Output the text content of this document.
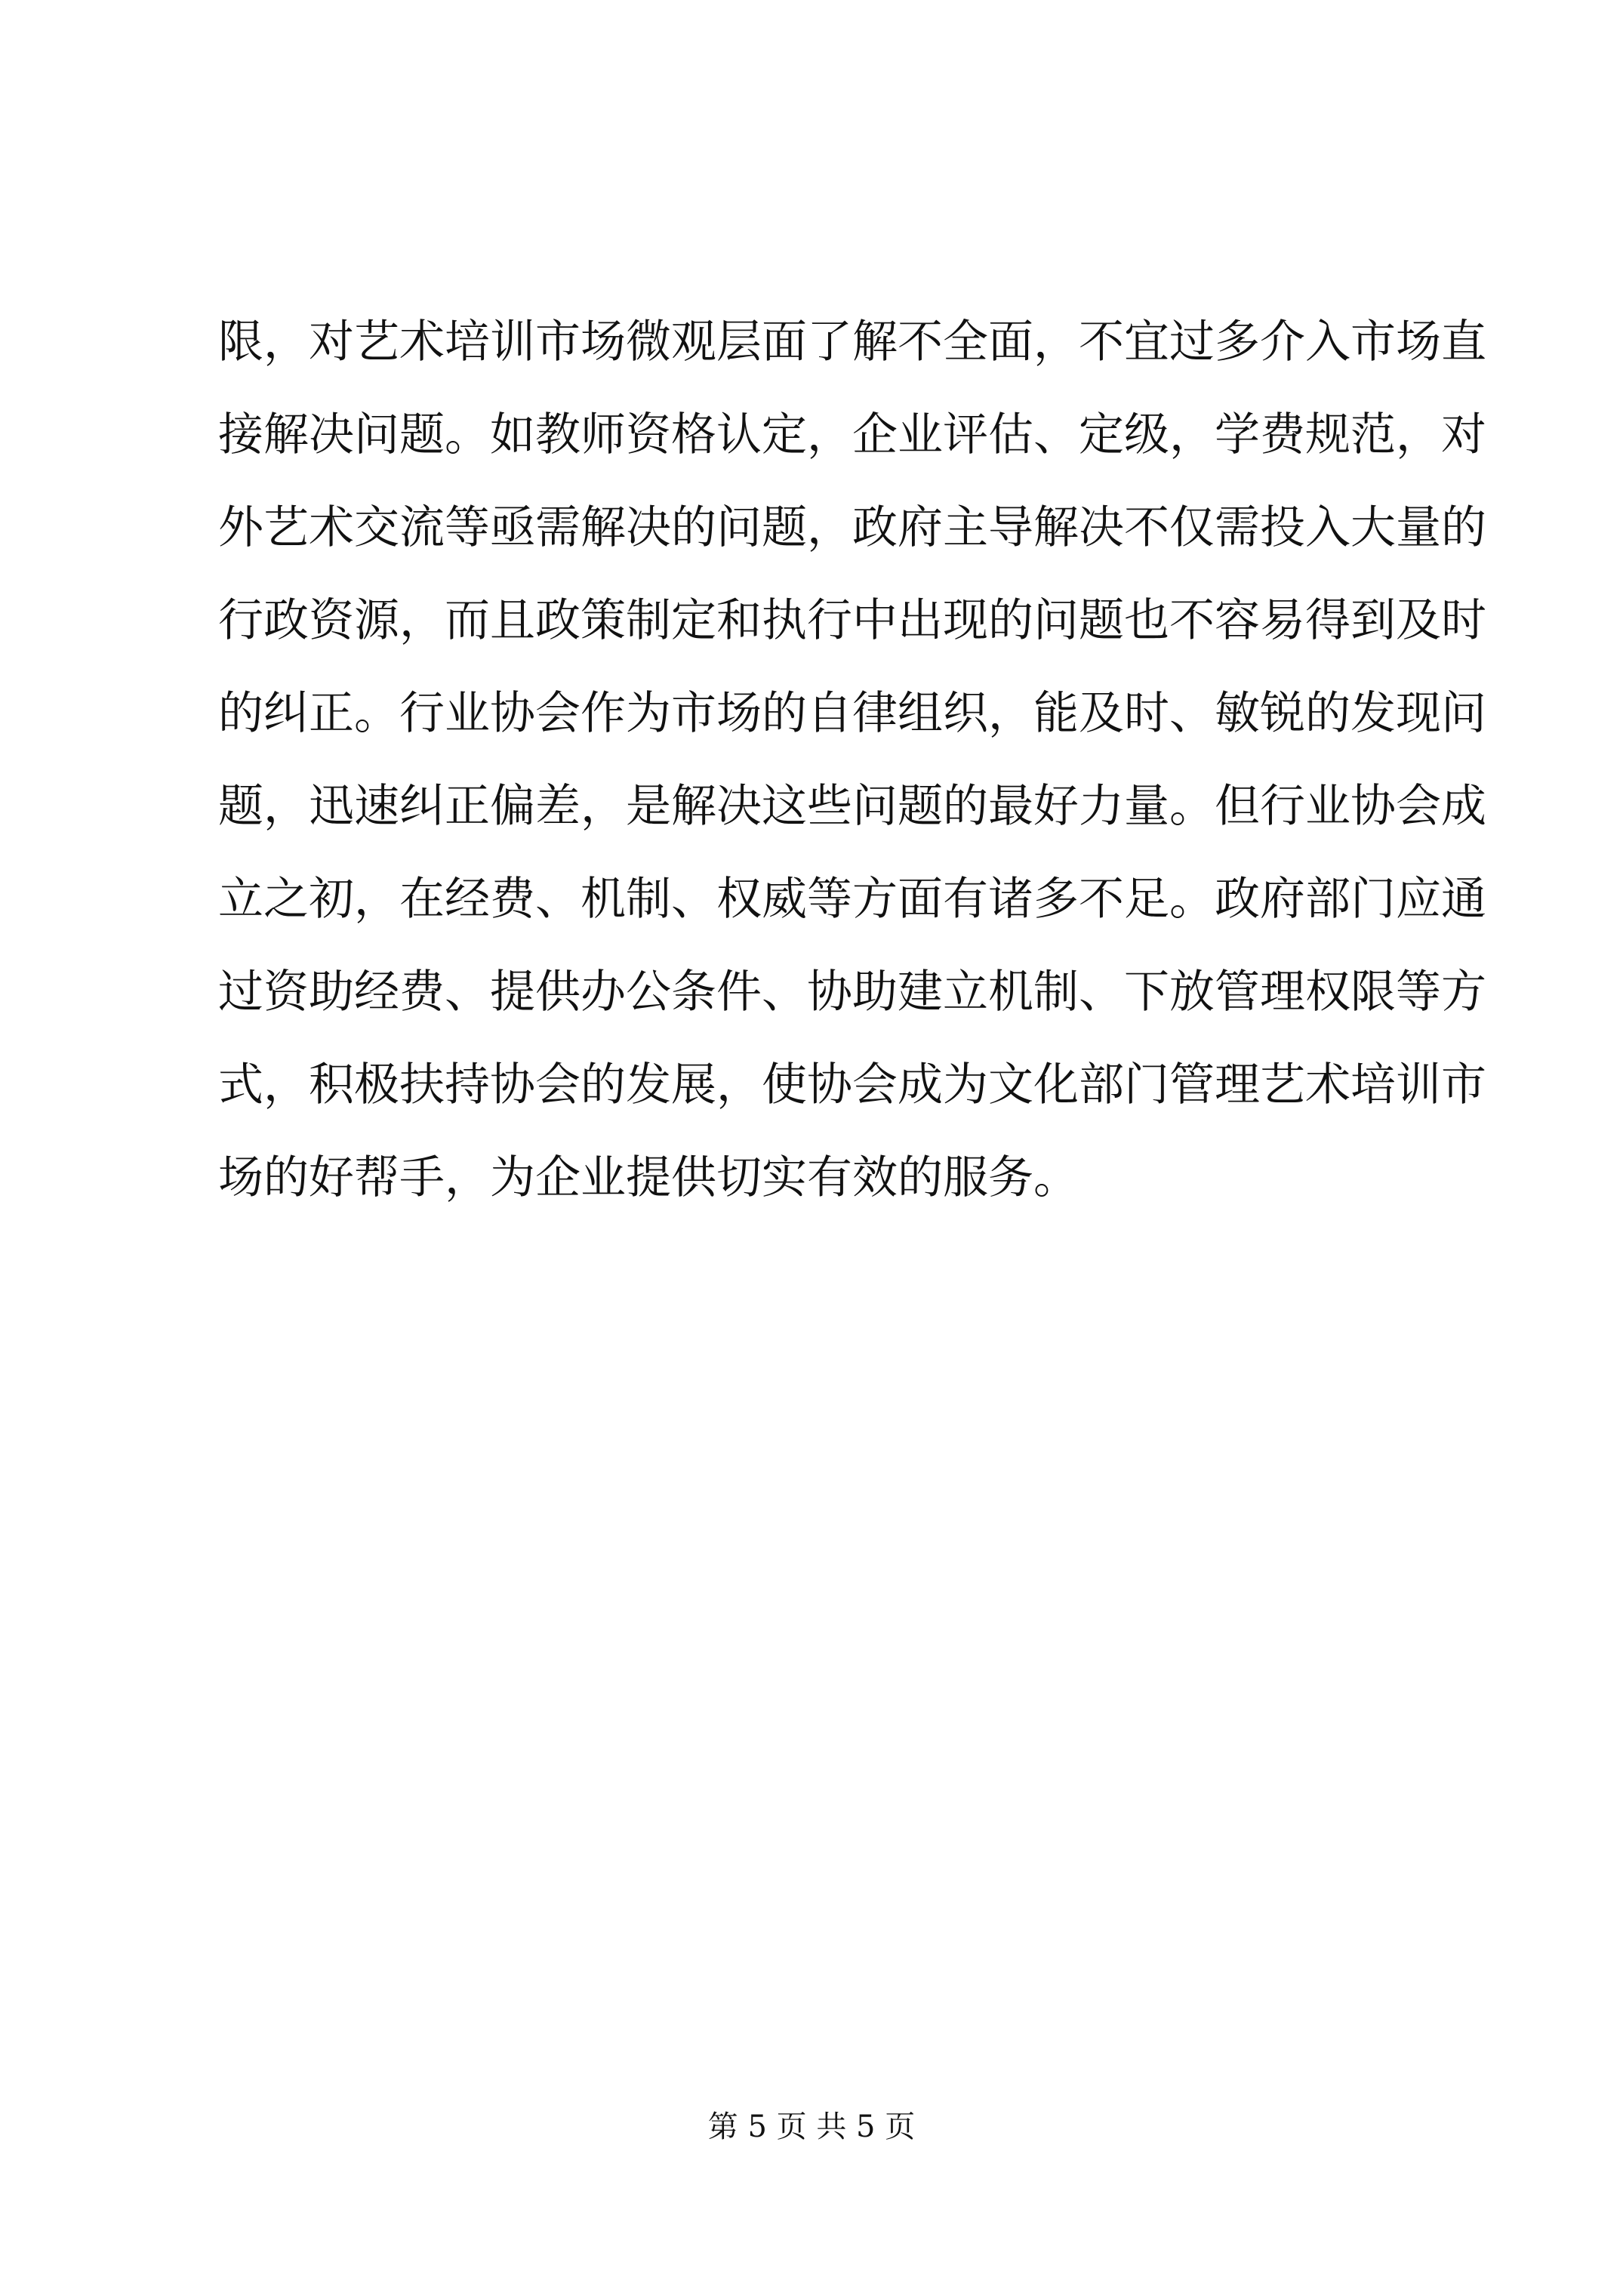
限，对艺术培训市场微观层面了解不全面，不宜过多介入市场直
接解决问题。如教师资格认定，企业评估、定级，学费规范，对
外艺术交流等亟需解决的问题，政府主导解决不仅需投入大量的
行政资源，而且政策制定和执行中出现的问题也不容易得到及时
的纠正。行业协会作为市场的自律组织，能及时、敏锐的发现问
题，迅速纠正偏差，是解决这些问题的最好力量。但行业协会成
立之初，在经费、机制、权威等方面有诸多不足。政府部门应通
过资助经费、提供办公条件、协助建立机制、下放管理权限等方
式，积极扶持协会的发展，使协会成为文化部门管理艺术培训市
场的好帮手，为企业提供切实有效的服务。
第 5 页 共 5 页
